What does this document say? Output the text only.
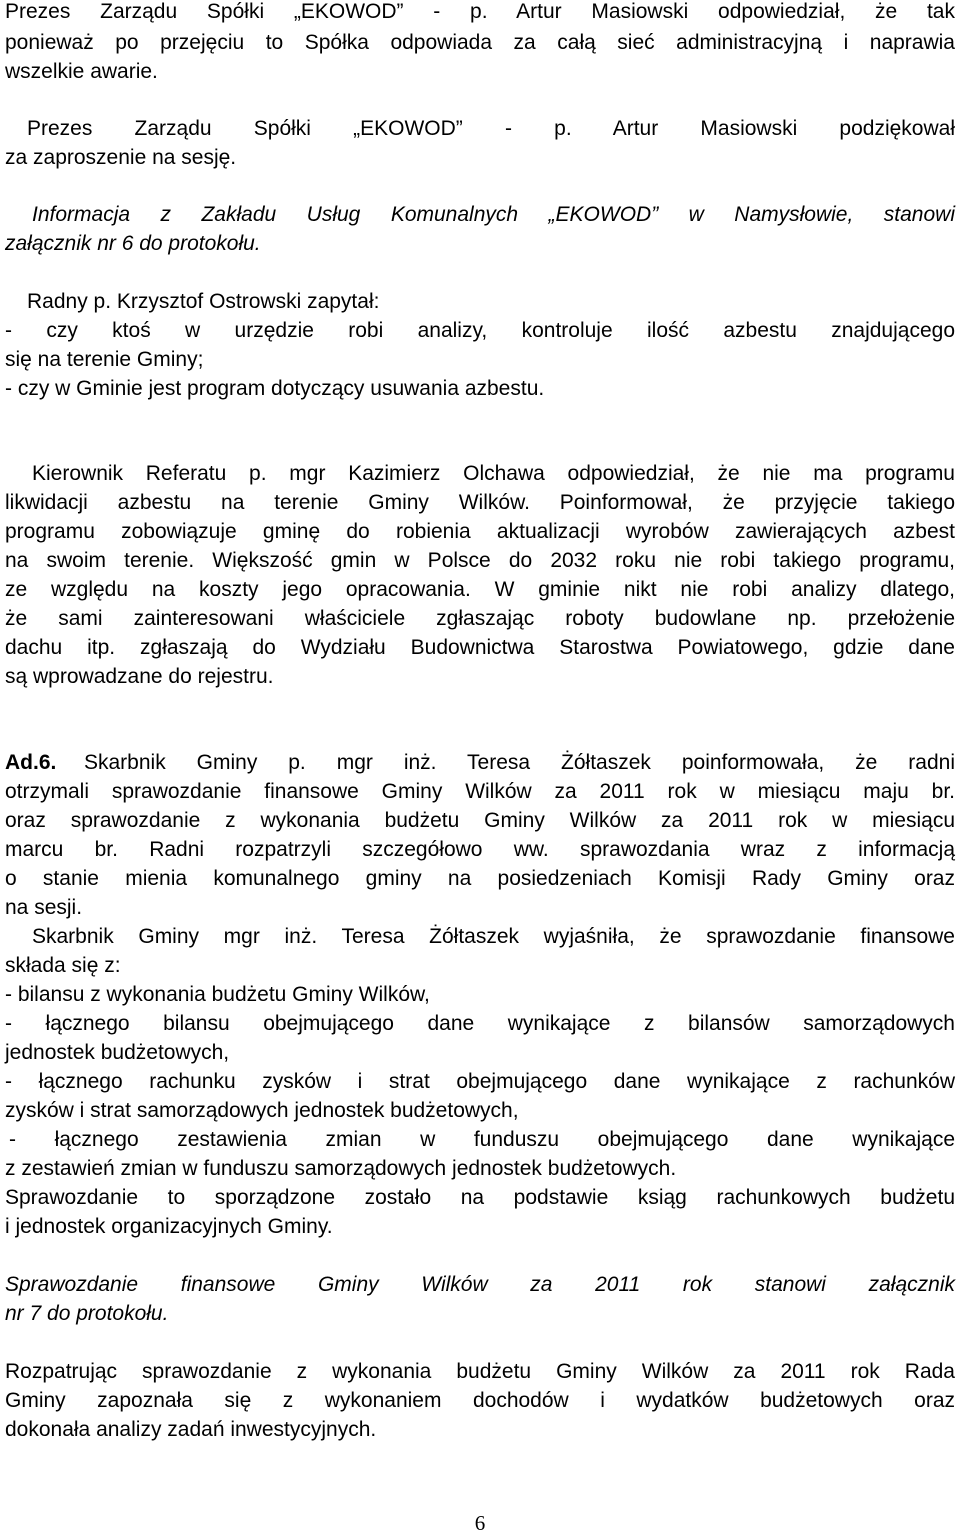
Prezes Zarządu Spółki „EKOWOD” - p. Artur Masiowski odpowiedział, że tak
ponieważ po przejęciu to Spółka odpowiada za całą sieć administracyjną i naprawia
wszelkie awarie.
Prezes Zarządu Spółki „EKOWOD” - p. Artur Masiowski podziękował
za zaproszenie na sesję.
Informacja z Zakładu Usług Komunalnych „EKOWOD” w Namysłowie, stanowi
załącznik nr 6 do protokołu.
Radny p. Krzysztof Ostrowski zapytał:
- czy ktoś w urzędzie robi analizy, kontroluje ilość azbestu znajdującego
się na terenie Gminy;
- czy w Gminie jest program dotyczący usuwania azbestu.
Kierownik Referatu p. mgr Kazimierz Olchawa odpowiedział, że nie ma programu
likwidacji azbestu na terenie Gminy Wilków. Poinformował, że przyjęcie takiego
programu zobowiązuje gminę do robienia aktualizacji wyrobów zawierających azbest
na swoim terenie. Większość gmin w Polsce do 2032 roku nie robi takiego programu,
ze względu na koszty jego opracowania. W gminie nikt nie robi analizy dlatego,
że sami zainteresowani właściciele zgłaszając roboty budowlane np. przełożenie
dachu itp. zgłaszają do Wydziału Budownictwa Starostwa Powiatowego, gdzie dane
są wprowadzane do rejestru.
Ad.6.	Skarbnik Gminy p. mgr inż. Teresa Żółtaszek poinformowała, że radni
otrzymali sprawozdanie finansowe Gminy Wilków za 2011 rok w miesiącu maju br.
oraz sprawozdanie z wykonania budżetu Gminy Wilków za 2011 rok w miesiącu
marcu br. Radni rozpatrzyli szczegółowo ww. sprawozdania wraz z informacją
o stanie mienia komunalnego gminy na posiedzeniach Komisji Rady Gminy oraz
na sesji.
Skarbnik Gminy mgr inż. Teresa Żółtaszek wyjaśniła, że sprawozdanie finansowe
składa się z:
- bilansu z wykonania budżetu Gminy Wilków,
- łącznego bilansu obejmującego dane wynikające z bilansów samorządowych
jednostek budżetowych,
- łącznego rachunku zysków i strat obejmującego dane wynikające z rachunków
zysków i strat samorządowych jednostek budżetowych,
- łącznego zestawienia zmian w funduszu obejmującego dane wynikające
z zestawień zmian w funduszu samorządowych jednostek budżetowych.
Sprawozdanie to sporządzone zostało na podstawie ksiąg rachunkowych budżetu
i jednostek organizacyjnych Gminy.
Sprawozdanie finansowe Gminy Wilków za 2011 rok stanowi załącznik
nr 7 do protokołu.
Rozpatrując sprawozdanie z wykonania budżetu Gminy Wilków za 2011 rok Rada
Gminy zapoznała się z wykonaniem dochodów i wydatków budżetowych oraz
dokonała analizy zadań inwestycyjnych.
6
